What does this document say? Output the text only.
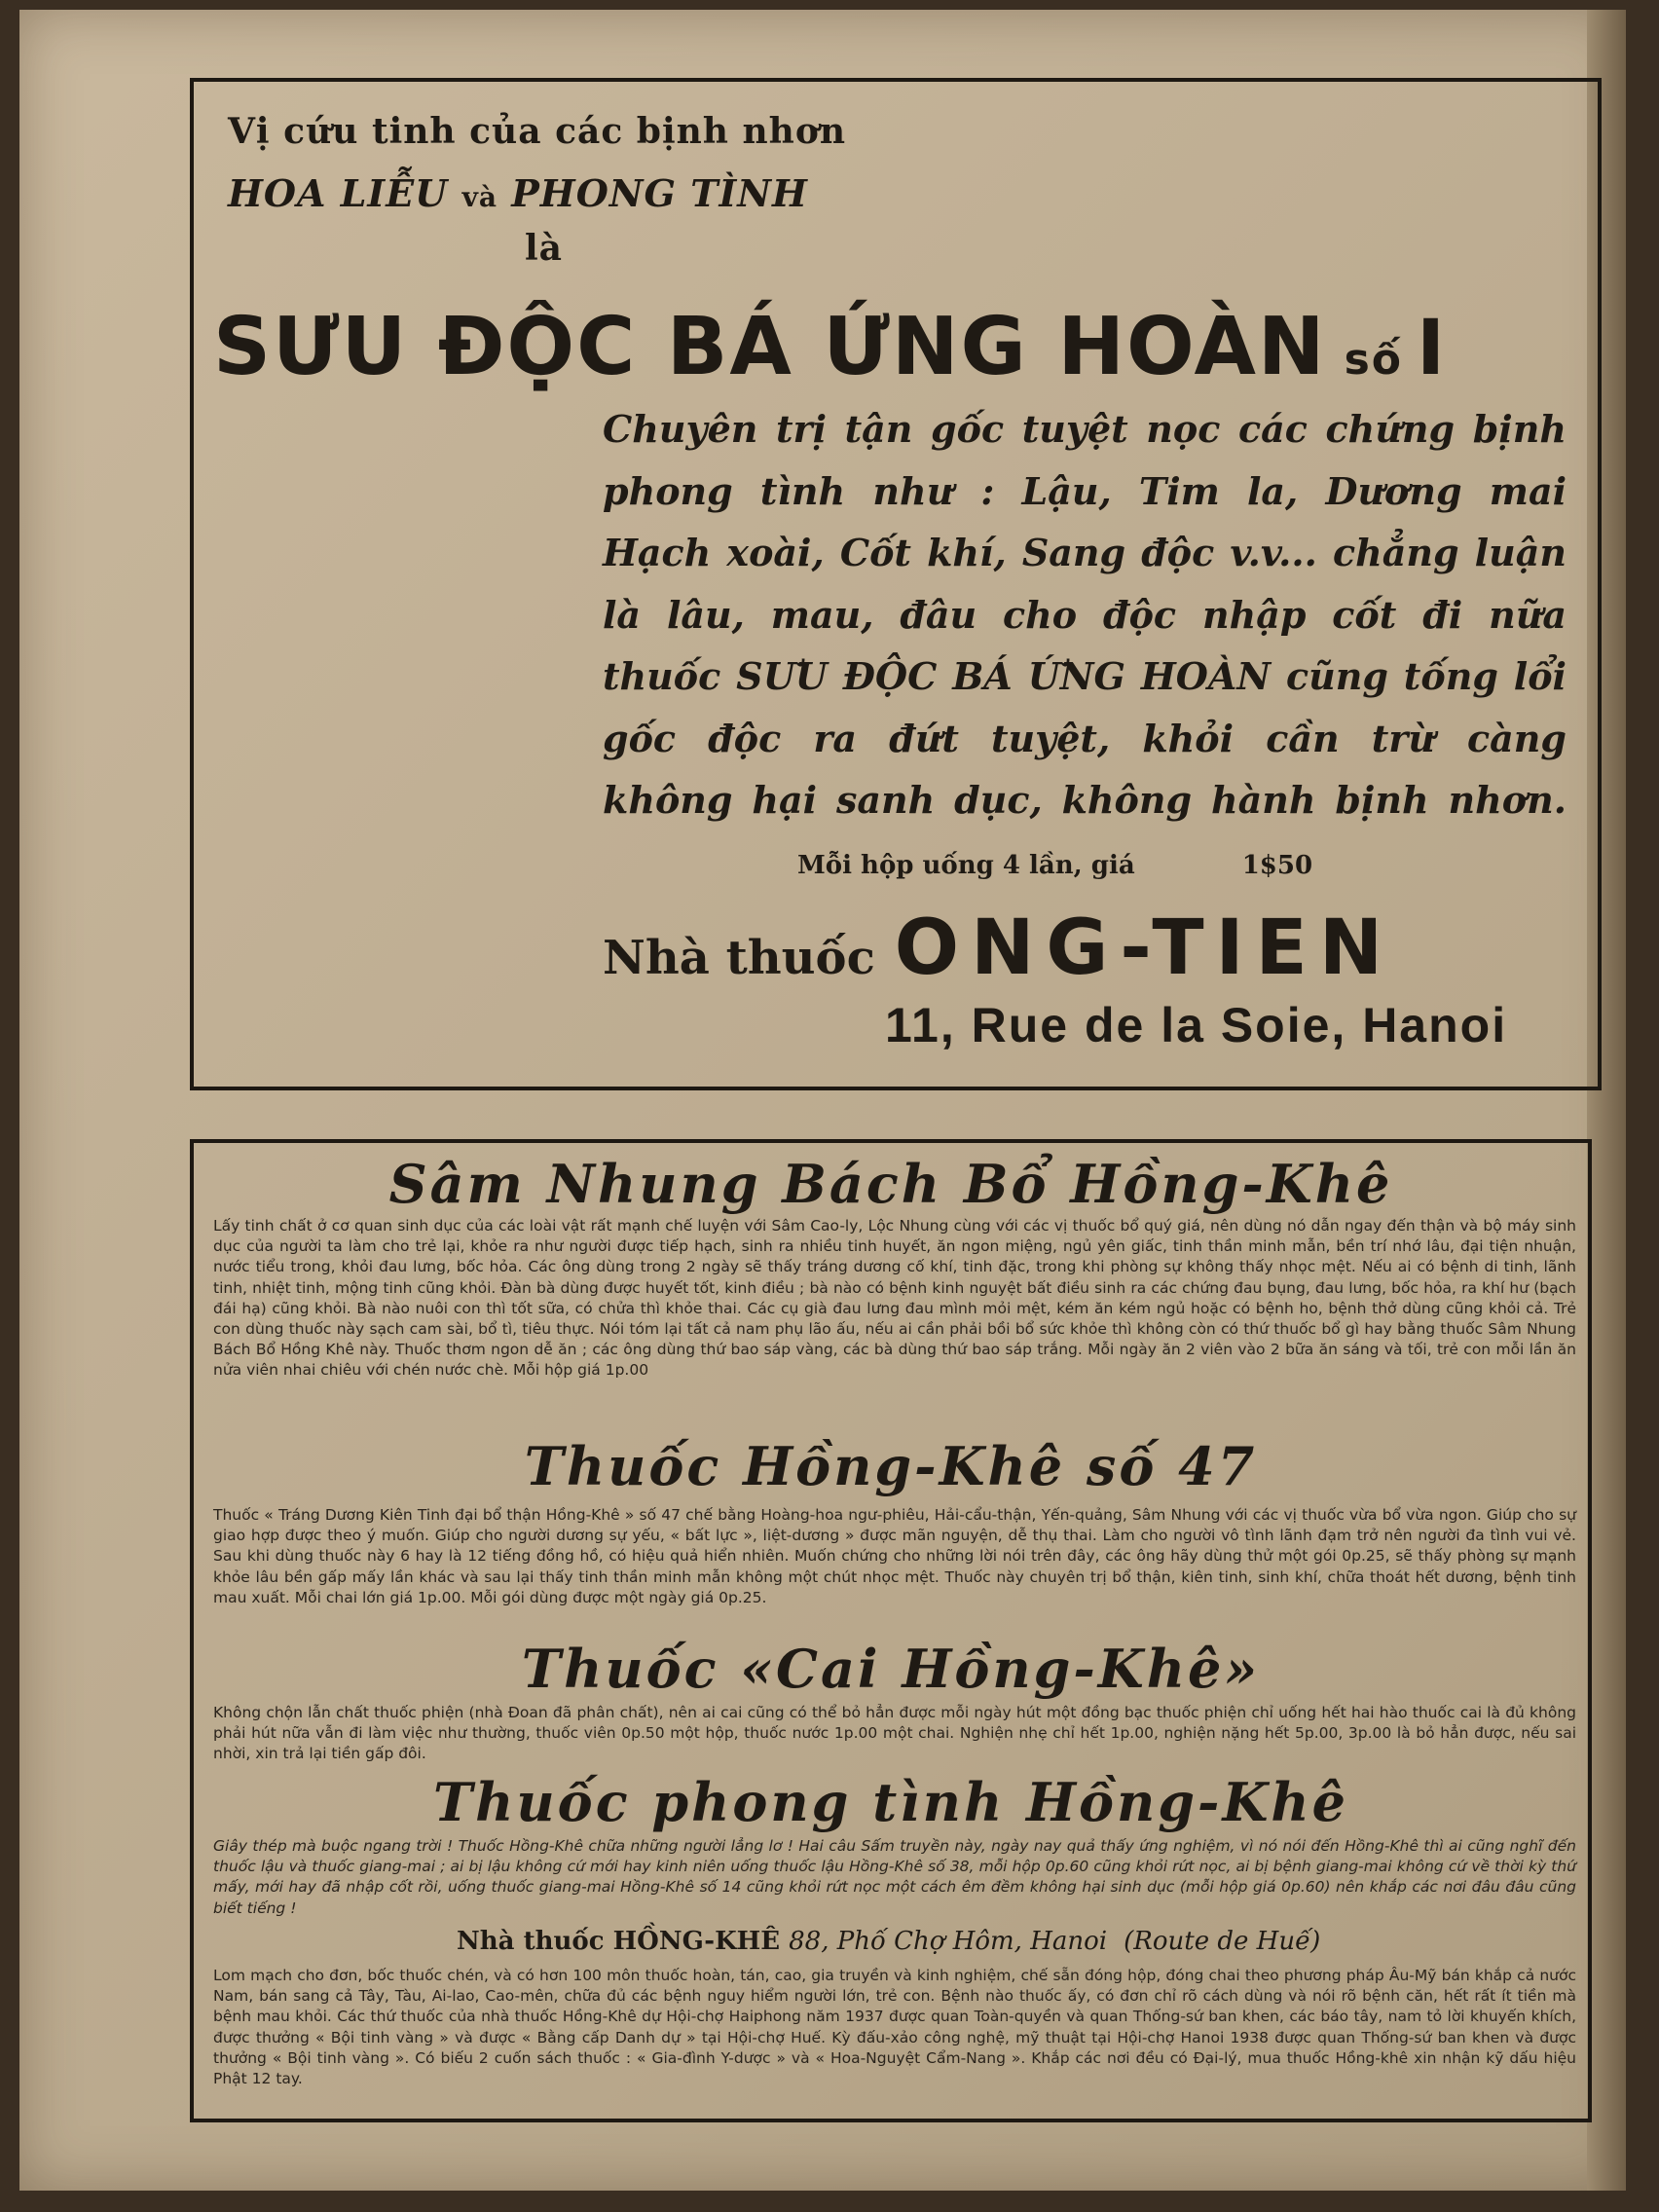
Vị cứu tinh của các bịnh nhơn
HOA LIỄU và PHONG TÌNH
là
SƯU ĐỘC BÁ ỨNG HOÀN số I
Chuyên trị tận gốc tuyệt nọc các chứng bịnh
phong tình như : Lậu, Tim la, Dương mai
Hạch xoài, Cốt khí, Sang độc v.v... chẳng luận
là lâu, mau, đâu cho độc nhập cốt đi nữa
thuốc SƯU ĐỘC BÁ ỨNG HOÀN cũng tống lổi
gốc độc ra đứt tuyệt, khỏi cần trừ càng
không hại sanh dục, không hành bịnh nhơn.
Mỗi hộp uống 4 lần, giá	1$50
Nhà thuốc ONG-TIEN
11, Rue de la Soie, Hanoi
Sâm Nhung Bách Bổ Hồng-Khê
Lấy tinh chất ở cơ quan sinh dục của các loài vật rất mạnh chế luyện với Sâm Cao-ly, Lộc Nhung cùng với các vị thuốc bổ quý giá, nên dùng nó dẫn ngay đến thận và bộ máy sinh dục của người ta làm cho trẻ lại, khỏe ra như người được tiếp hạch, sinh ra nhiều tinh huyết, ăn ngon miệng, ngủ yên giấc, tinh thần minh mẫn, bền trí nhớ lâu, đại tiện nhuận, nước tiểu trong, khỏi đau lưng, bốc hỏa. Các ông dùng trong 2 ngày sẽ thấy tráng dương cố khí, tinh đặc, trong khi phòng sự không thấy nhọc mệt. Nếu ai có bệnh di tinh, lãnh tinh, nhiệt tinh, mộng tinh cũng khỏi. Đàn bà dùng được huyết tốt, kinh điều ; bà nào có bệnh kinh nguyệt bất điều sinh ra các chứng đau bụng, đau lưng, bốc hỏa, ra khí hư (bạch đái hạ) cũng khỏi. Bà nào nuôi con thì tốt sữa, có chửa thì khỏe thai. Các cụ già đau lưng đau mình mỏi mệt, kém ăn kém ngủ hoặc có bệnh ho, bệnh thở dùng cũng khỏi cả. Trẻ con dùng thuốc này sạch cam sài, bổ tì, tiêu thực. Nói tóm lại tất cả nam phụ lão ấu, nếu ai cần phải bồi bổ sức khỏe thì không còn có thứ thuốc bổ gì hay bằng thuốc Sâm Nhung Bách Bổ Hồng Khê này. Thuốc thơm ngon dễ ăn ; các ông dùng thứ bao sáp vàng, các bà dùng thứ bao sáp trắng. Mỗi ngày ăn 2 viên vào 2 bữa ăn sáng và tối, trẻ con mỗi lần ăn nửa viên nhai chiêu với chén nước chè. Mỗi hộp giá 1p.00
Thuốc Hồng-Khê số 47
Thuốc « Tráng Dương Kiên Tinh đại bổ thận Hồng-Khê » số 47 chế bằng Hoàng-hoa ngư-phiêu, Hải-cẩu-thận, Yến-quảng, Sâm Nhung với các vị thuốc vừa bổ vừa ngon. Giúp cho sự giao hợp được theo ý muốn. Giúp cho người dương sự yếu, « bất lực », liệt-dương » được mãn nguyện, dễ thụ thai. Làm cho người vô tình lãnh đạm trở nên người đa tình vui vẻ. Sau khi dùng thuốc này 6 hay là 12 tiếng đồng hồ, có hiệu quả hiển nhiên. Muốn chứng cho những lời nói trên đây, các ông hãy dùng thử một gói 0p.25, sẽ thấy phòng sự mạnh khỏe lâu bền gấp mấy lần khác và sau lại thấy tinh thần minh mẫn không một chút nhọc mệt. Thuốc này chuyên trị bổ thận, kiên tinh, sinh khí, chữa thoát hết dương, bệnh tinh mau xuất. Mỗi chai lớn giá 1p.00. Mỗi gói dùng được một ngày giá 0p.25.
Thuốc «Cai Hồng-Khê»
Không chộn lẫn chất thuốc phiện (nhà Đoan đã phân chất), nên ai cai cũng có thể bỏ hẳn được mỗi ngày hút một đồng bạc thuốc phiện chỉ uống hết hai hào thuốc cai là đủ không phải hút nữa vẫn đi làm việc như thường, thuốc viên 0p.50 một hộp, thuốc nước 1p.00 một chai. Nghiện nhẹ chỉ hết 1p.00, nghiện nặng hết 5p.00, 3p.00 là bỏ hẳn được, nếu sai nhời, xin trả lại tiền gấp đôi.
Thuốc phong tình Hồng-Khê
Giây thép mà buộc ngang trời ! Thuốc Hồng-Khê chữa những người lẳng lơ ! Hai câu Sấm truyền này, ngày nay quả thấy ứng nghiệm, vì nó nói đến Hồng-Khê thì ai cũng nghĩ đến thuốc lậu và thuốc giang-mai ; ai bị lậu không cứ mới hay kinh niên uống thuốc lậu Hồng-Khê số 38, mỗi hộp 0p.60 cũng khỏi rứt nọc, ai bị bệnh giang-mai không cứ về thời kỳ thứ mấy, mới hay đã nhập cốt rồi, uống thuốc giang-mai Hồng-Khê số 14 cũng khỏi rứt nọc một cách êm đềm không hại sinh dục (mỗi hộp giá 0p.60) nên khắp các nơi đâu đâu cũng biết tiếng !
Nhà thuốc HỒNG-KHÊ 88, Phố Chợ Hôm, Hanoi (Route de Huế)
Lom mạch cho đơn, bốc thuốc chén, và có hơn 100 môn thuốc hoàn, tán, cao, gia truyền và kinh nghiệm, chế sẵn đóng hộp, đóng chai theo phương pháp Âu-Mỹ bán khắp cả nước Nam, bán sang cả Tây, Tàu, Ai-lao, Cao-mên, chữa đủ các bệnh nguy hiểm người lớn, trẻ con. Bệnh nào thuốc ấy, có đơn chỉ rõ cách dùng và nói rõ bệnh căn, hết rất ít tiền mà bệnh mau khỏi. Các thứ thuốc của nhà thuốc Hồng-Khê dự Hội-chợ Haiphong năm 1937 được quan Toàn-quyền và quan Thống-sứ ban khen, các báo tây, nam tỏ lời khuyến khích, được thưởng « Bội tinh vàng » và được « Bằng cấp Danh dự » tại Hội-chợ Huế. Kỳ đấu-xảo công nghệ, mỹ thuật tại Hội-chợ Hanoi 1938 được quan Thống-sứ ban khen và được thưởng « Bội tinh vàng ». Có biếu 2 cuốn sách thuốc : « Gia-đình Y-dược » và « Hoa-Nguyệt Cẩm-Nang ». Khắp các nơi đều có Đại-lý, mua thuốc Hồng-khê xin nhận kỹ dấu hiệu Phật 12 tay.
